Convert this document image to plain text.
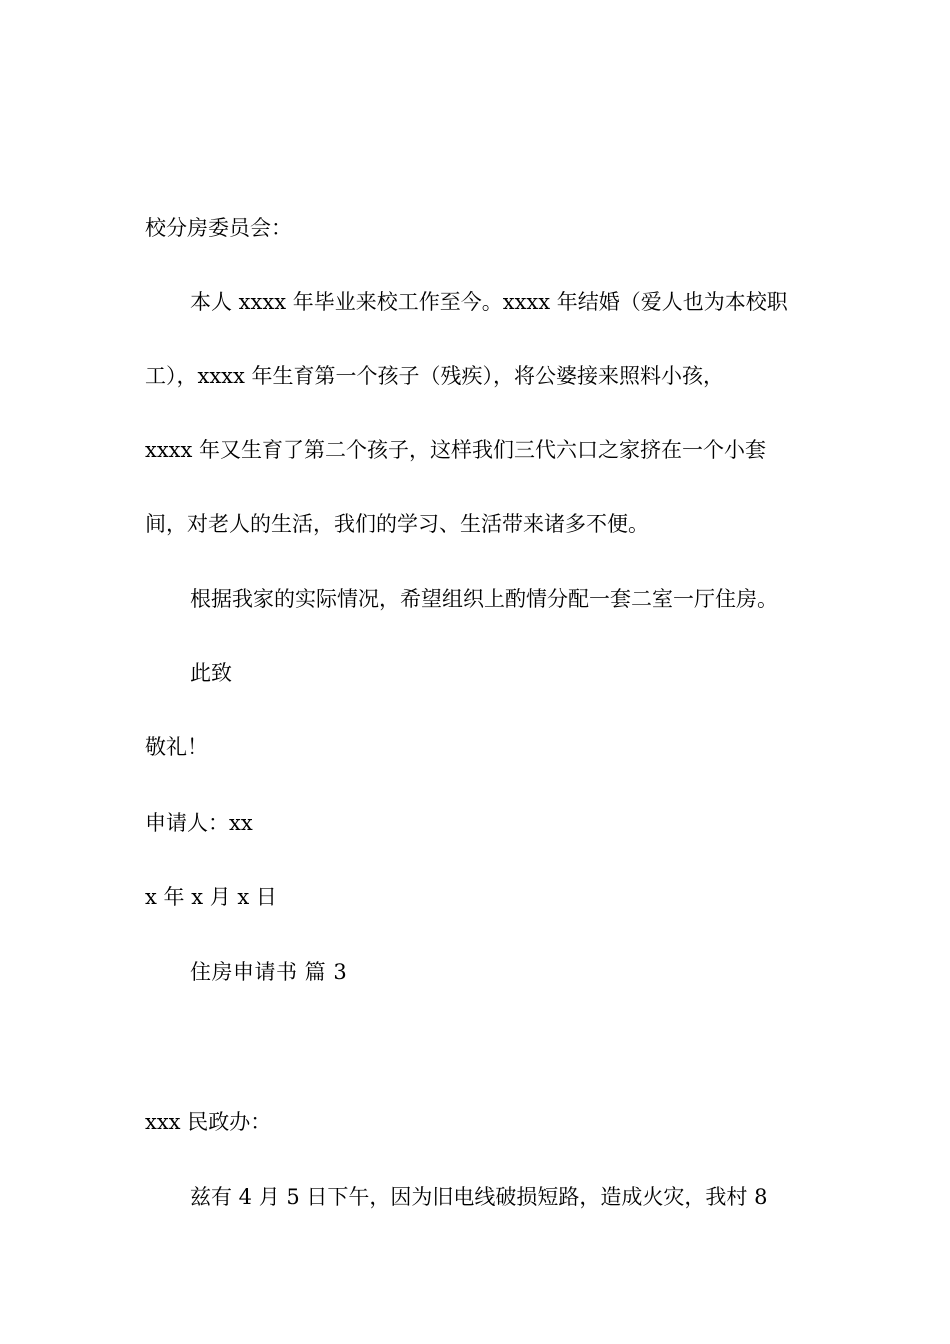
校分房委员会：
本人 xxxx 年毕业来校工作至今。xxxx 年结婚（爱人也为本校职
工），xxxx 年生育第一个孩子（残疾），将公婆接来照料小孩，
xxxx 年又生育了第二个孩子，这样我们三代六口之家挤在一个小套
间，对老人的生活，我们的学习、生活带来诸多不便。
根据我家的实际情况，希望组织上酌情分配一套二室一厅住房。
此致
敬礼！
申请人：xx
x 年 x 月 x 日
住房申请书 篇 3
xxx 民政办：
兹有 4 月 5 日下午，因为旧电线破损短路，造成火灾，我村 8
